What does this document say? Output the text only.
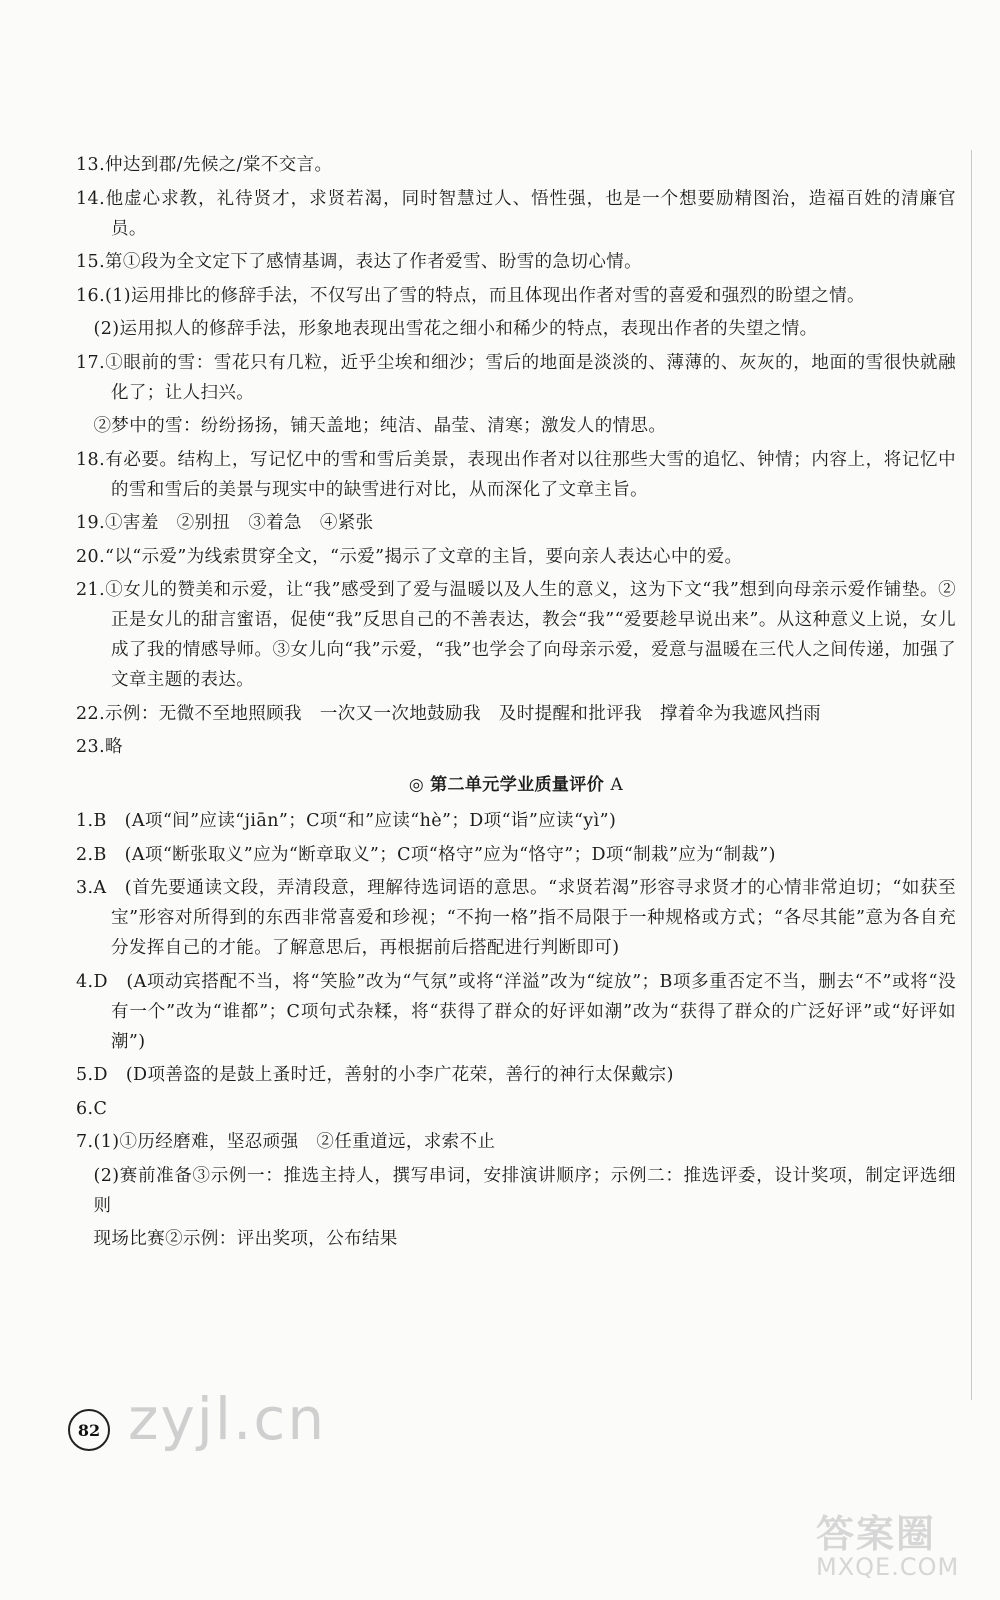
13.仲达到郡/先候之/棠不交言。

14.他虚心求教，礼待贤才，求贤若渴，同时智慧过人、悟性强，也是一个想要励精图治，造福百姓的清廉官员。

15.第①段为全文定下了感情基调，表达了作者爱雪、盼雪的急切心情。

16.(1)运用排比的修辞手法，不仅写出了雪的特点，而且体现出作者对雪的喜爱和强烈的盼望之情。

(2)运用拟人的修辞手法，形象地表现出雪花之细小和稀少的特点，表现出作者的失望之情。

17.①眼前的雪：雪花只有几粒，近乎尘埃和细沙；雪后的地面是淡淡的、薄薄的、灰灰的，地面的雪很快就融化了；让人扫兴。

②梦中的雪：纷纷扬扬，铺天盖地；纯洁、晶莹、清寒；激发人的情思。

18.有必要。结构上，写记忆中的雪和雪后美景，表现出作者对以往那些大雪的追忆、钟情；内容上，将记忆中的雪和雪后的美景与现实中的缺雪进行对比，从而深化了文章主旨。

19.①害羞　②别扭　③着急　④紧张

20.“以“示爱”为线索贯穿全文，“示爱”揭示了文章的主旨，要向亲人表达心中的爱。

21.①女儿的赞美和示爱，让“我”感受到了爱与温暖以及人生的意义，这为下文“我”想到向母亲示爱作铺垫。②正是女儿的甜言蜜语，促使“我”反思自己的不善表达，教会“我”“爱要趁早说出来”。从这种意义上说，女儿成了我的情感导师。③女儿向“我”示爱，“我”也学会了向母亲示爱，爱意与温暖在三代人之间传递，加强了文章主题的表达。

22.示例：无微不至地照顾我　一次又一次地鼓励我　及时提醒和批评我　撑着伞为我遮风挡雨

23.略

◎ 第二单元学业质量评价 A

1.B　(A项“间”应读“jiān”；C项“和”应读“hè”；D项“诣”应读“yì”)

2.B　(A项“断张取义”应为“断章取义”；C项“格守”应为“恪守”；D项“制栽”应为“制裁”)

3.A　(首先要通读文段，弄清段意，理解待选词语的意思。“求贤若渴”形容寻求贤才的心情非常迫切；“如获至宝”形容对所得到的东西非常喜爱和珍视；“不拘一格”指不局限于一种规格或方式；“各尽其能”意为各自充分发挥自己的才能。了解意思后，再根据前后搭配进行判断即可)

4.D　(A项动宾搭配不当，将“笑脸”改为“气氛”或将“洋溢”改为“绽放”；B项多重否定不当，删去“不”或将“没有一个”改为“谁都”；C项句式杂糅，将“获得了群众的好评如潮”改为“获得了群众的广泛好评”或“好评如潮”)

5.D　(D项善盗的是鼓上蚤时迁，善射的小李广花荣，善行的神行太保戴宗)

6.C

7.(1)①历经磨难，坚忍顽强　②任重道远，求索不止

(2)赛前准备③示例一：推选主持人，撰写串词，安排演讲顺序；示例二：推选评委，设计奖项，制定评选细则

现场比赛②示例：评出奖项，公布结果

82 zyjl.cn
答案圈
MXQE.COM
